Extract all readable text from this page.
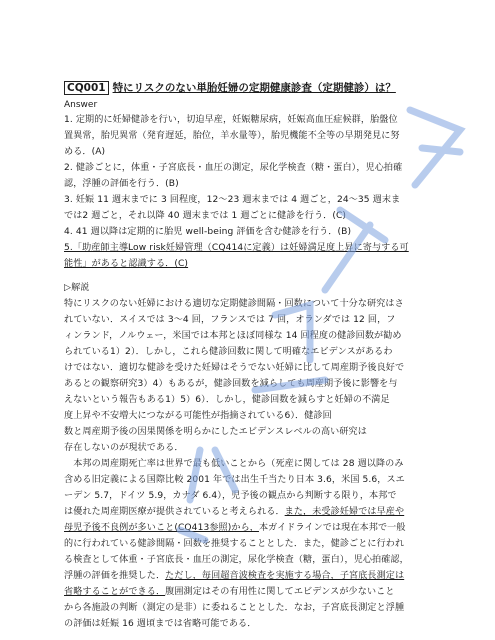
CQ001 特にリスクのない単胎妊婦の定期健康診査（定期健診）は？
Answer
1. 定期的に妊婦健診を行い，切迫早産，妊娠糖尿病，妊娠高血圧症候群，胎盤位
置異常，胎児異常（発育遅延，胎位，羊水量等），胎児機能不全等の早期発見に努
める．(A)
2. 健診ごとに，体重・子宮底長・血圧の測定，尿化学検査（糖・蛋白），児心拍確
認，浮腫の評価を行う．(B)
3. 妊娠 11 週末までに 3 回程度，12～23 週末までは 4 週ごと，24～35 週末ま
では2 週ごと，それ以降 40 週末までは 1 週ごとに健診を行う．(C)
4. 41 週以降は定期的に胎児 well-being 評価を含む健診を行う．(B)
5.「助産師主導Low risk妊婦管理（CQ414に定義）は妊婦満足度上昇に寄与する可
能性」があると認識する．(C)
▷解説
特にリスクのない妊婦における適切な定期健診間隔・回数について十分な研究はさ
れていない．スイスでは 3～4 回，フランスでは 7 回，オランダでは 12 回，フ
ィンランド，ノルウェー，米国では本邦とほぼ同様な 14 回程度の健診回数が勧め
られている1）2）．しかし，これら健診回数に関して明確なエビデンスがあるわ
けではない．適切な健診を受けた妊婦はそうでない妊婦に比して周産期予後良好で
あるとの観察研究3）4）もあるが，健診回数を減らしても周産期予後に影響を与
えないという報告もある1）5）6）．しかし，健診回数を減らすと妊婦の不満足
度上昇や不安増大につながる可能性が指摘されている6）．健診回
数と周産期予後の因果関係を明らかにしたエビデンスレベルの高い研究は
存在しないのが現状である．
　本邦の周産期死亡率は世界で最も低いことから（死産に関しては 28 週以降のみ
含める旧定義による国際比較 2001 年では出生千当たり日本 3.6，米国 5.6，スエ
ーデン 5.7，ドイツ 5.9，カナダ 6.4），児予後の観点から判断する限り，本邦で
は優れた周産期医療が提供されていると考えられる．また，未受診妊婦では早産や
母児予後不良例が多いこと(CQ413参照)から，本ガイドラインでは現在本邦で一般
的に行われている健診間隔・回数を推奨することとした．また，健診ごとに行われ
る検査として体重・子宮底長・血圧の測定，尿化学検査（糖，蛋白），児心拍確認，
浮腫の評価を推奨した．ただし，毎回超音波検査を実施する場合，子宮底長測定は
省略することができる．腹囲測定はその有用性に関してエビデンスが少ないこと
から各施設の判断（測定の是非）に委ねることとした．なお，子宮底長測定と浮腫
の評価は妊娠 16 週頃までは省略可能である．
